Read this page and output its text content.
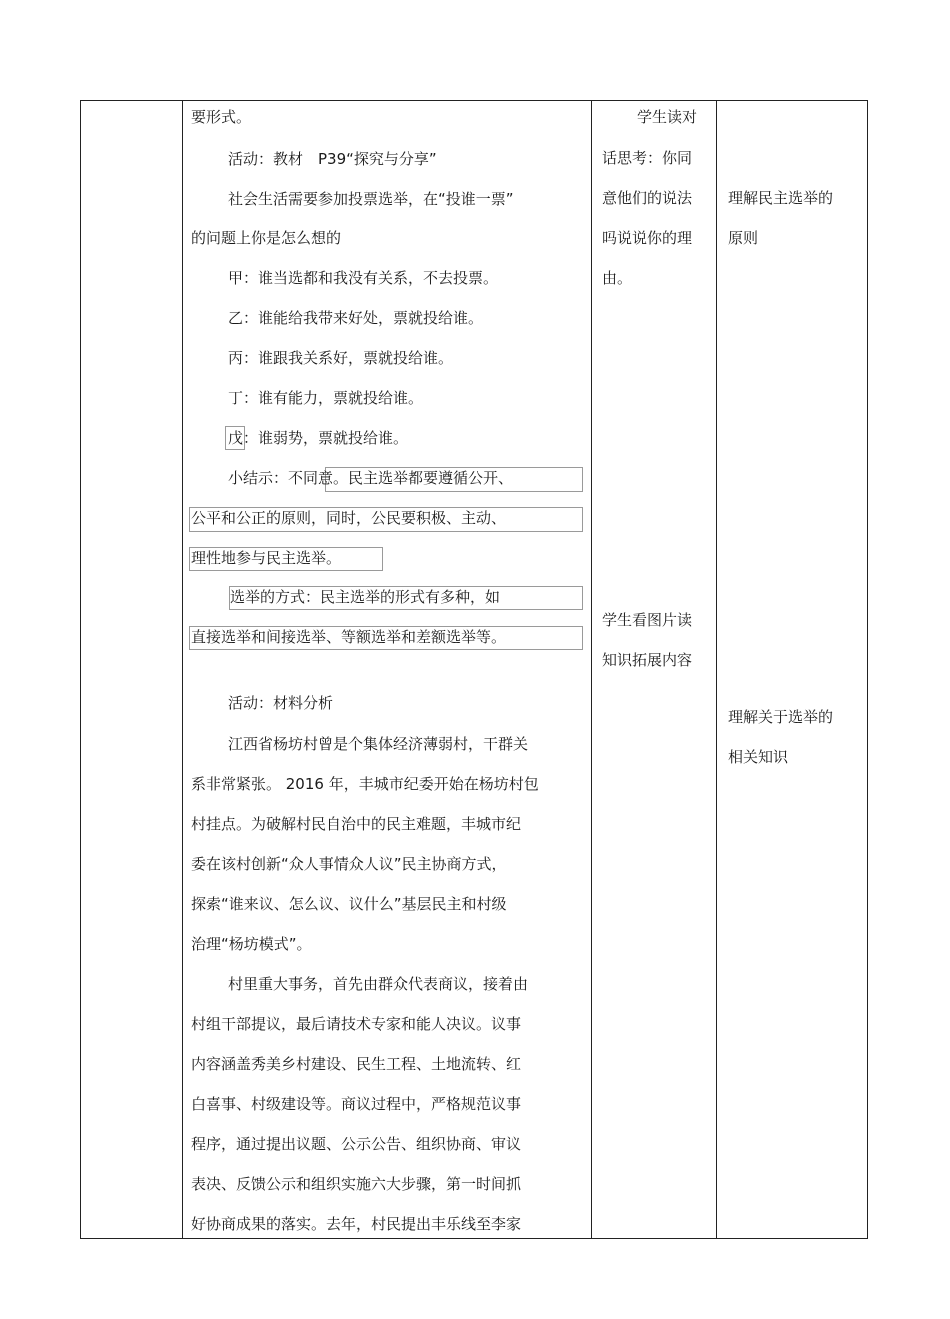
要形式。
活动：教材　P39“探究与分享”
社会生活需要参加投票选举，在“投谁一票”
的问题上你是怎么想的
甲：谁当选都和我没有关系，不去投票。
乙：谁能给我带来好处，票就投给谁。
丙：谁跟我关系好，票就投给谁。
丁：谁有能力，票就投给谁。
戊：谁弱势，票就投给谁。
小结示：不同意。民主选举都要遵循公开、
公平和公正的原则，同时，公民要积极、主动、
理性地参与民主选举。
选举的方式：民主选举的形式有多种，如
直接选举和间接选举、等额选举和差额选举等。
活动：材料分析
江西省杨坊村曾是个集体经济薄弱村，干群关
系非常紧张。 2016 年，丰城市纪委开始在杨坊村包
村挂点。为破解村民自治中的民主难题，丰城市纪
委在该村创新“众人事情众人议”民主协商方式，
探索“谁来议、怎么议、议什么”基层民主和村级
治理“杨坊模式”。
村里重大事务，首先由群众代表商议，接着由
村组干部提议，最后请技术专家和能人决议。议事
内容涵盖秀美乡村建设、民生工程、土地流转、红
白喜事、村级建设等。商议过程中，严格规范议事
程序，通过提出议题、公示公告、组织协商、审议
表决、反馈公示和组织实施六大步骤，第一时间抓
好协商成果的落实。去年，村民提出丰乐线至李家
学生读对
话思考：你同
意他们的说法
吗说说你的理
由。
学生看图片读
知识拓展内容
理解民主选举的
原则
理解关于选举的
相关知识
